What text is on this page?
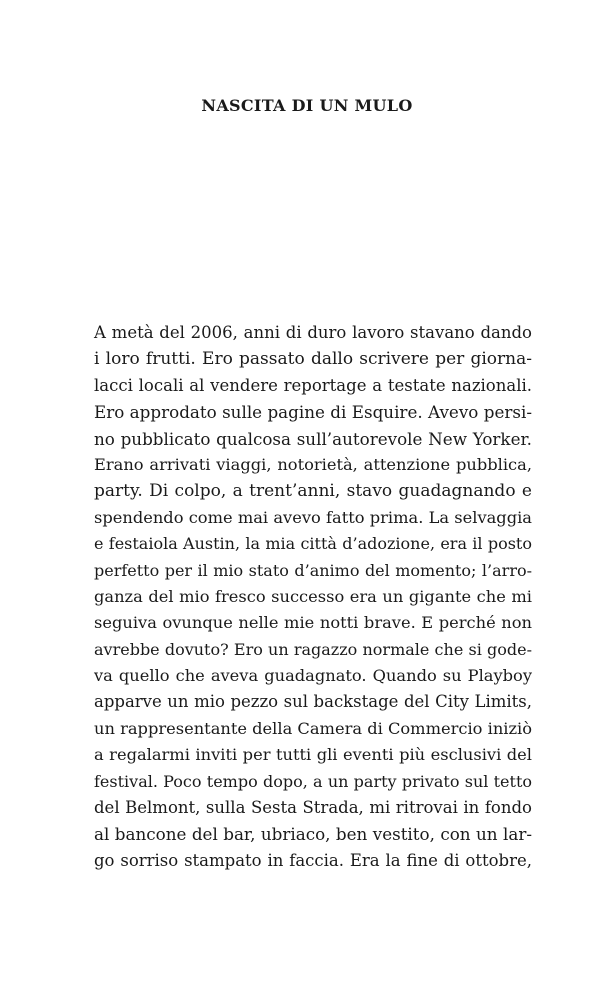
NASCITA DI UN MULO
A metà del 2006, anni di duro lavoro stavano dando
i loro frutti. Ero passato dallo scrivere per giorna-
lacci locali al vendere reportage a testate nazionali.
Ero approdato sulle pagine di Esquire. Avevo persi-
no pubblicato qualcosa sull’autorevole New Yorker.
Erano arrivati viaggi, notorietà, attenzione pubblica,
party. Di colpo, a trent’anni, stavo guadagnando e
spendendo come mai avevo fatto prima. La selvaggia
e festaiola Austin, la mia città d’adozione, era il posto
perfetto per il mio stato d’animo del momento; l’arro-
ganza del mio fresco successo era un gigante che mi
seguiva ovunque nelle mie notti brave. E perché non
avrebbe dovuto? Ero un ragazzo normale che si gode-
va quello che aveva guadagnato. Quando su Playboy
apparve un mio pezzo sul backstage del City Limits,
un rappresentante della Camera di Commercio iniziò
a regalarmi inviti per tutti gli eventi più esclusivi del
festival. Poco tempo dopo, a un party privato sul tetto
del Belmont, sulla Sesta Strada, mi ritrovai in fondo
al bancone del bar, ubriaco, ben vestito, con un lar-
go sorriso stampato in faccia. Era la fine di ottobre,
